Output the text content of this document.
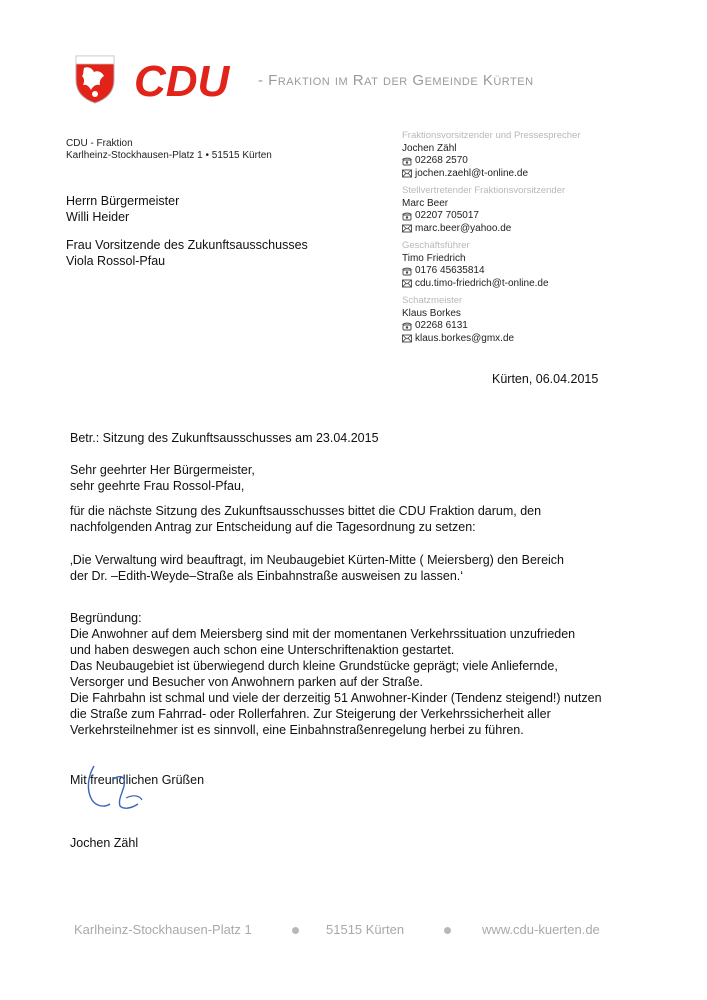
CDU - Fraktion im Rat der Gemeinde Kürten
CDU - Fraktion
Karlheinz-Stockhausen-Platz 1 • 51515 Kürten
Herrn Bürgermeister
Willi Heider
Frau Vorsitzende des Zukunftsausschusses
Viola Rossol-Pfau
Fraktionsvorsitzender und Pressesprecher
Jochen Zähl
02268 2570
jochen.zaehl@t-online.de
Stellvertretender Fraktionsvorsitzender
Marc Beer
02207 705017
marc.beer@yahoo.de
Geschäftsführer
Timo Friedrich
0176 45635814
cdu.timo-friedrich@t-online.de
Schatzmeister
Klaus Borkes
02268 6131
klaus.borkes@gmx.de
Kürten, 06.04.2015
Betr.: Sitzung des Zukunftsausschusses am 23.04.2015
Sehr geehrter Her Bürgermeister,
sehr geehrte Frau Rossol-Pfau,
für die nächste Sitzung des Zukunftsausschusses bittet die CDU Fraktion darum, den
nachfolgenden Antrag zur Entscheidung auf die Tagesordnung zu setzen:
‚Die Verwaltung wird beauftragt, im Neubaugebiet Kürten-Mitte ( Meiersberg) den Bereich
der Dr. –Edith-Weyde–Straße als Einbahnstraße ausweisen zu lassen.‘
Begründung:
Die Anwohner auf dem Meiersberg sind mit der momentanen Verkehrssituation unzufrieden
und haben deswegen auch schon eine Unterschriftenaktion gestartet.
Das Neubaugebiet ist überwiegend durch kleine Grundstücke geprägt; viele Anliefernde,
Versorger und Besucher von Anwohnern parken auf der Straße.
Die Fahrbahn ist schmal und viele der derzeitig 51 Anwohner-Kinder (Tendenz steigend!) nutzen
die Straße zum Fahrrad- oder Rollerfahren. Zur Steigerung der Verkehrssicherheit aller
Verkehrsteilnehmer ist es sinnvoll, eine Einbahnstraßenregelung herbei zu führen.
Mit freundlichen Grüßen
Jochen Zähl
Karlheinz-Stockhausen-Platz 1	51515 Kürten	www.cdu-kuerten.de
